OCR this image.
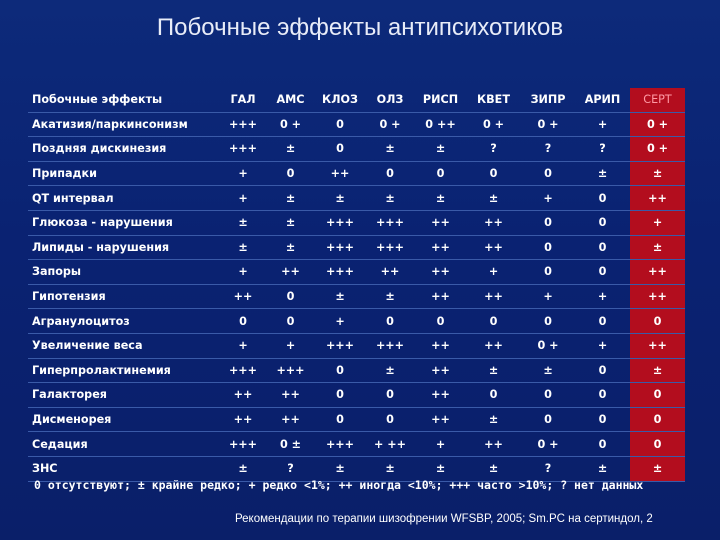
Побочные эффекты антипсихотиков
Побочные эффекты	ГАЛ	АМС	КЛОЗ	ОЛЗ	РИСП	КВЕТ	ЗИПР	АРИП	СЕРТ
Акатизия/паркинсонизм	+++	0 +	0	0 +	0 ++	0 +	0 +	+	0 +
Поздняя дискинезия	+++	±	0	±	±	?	?	?	0 +
Припадки	+	0	++	0	0	0	0	±	±
QT интервал	+	±	±	±	±	±	+	0	++
Глюкоза - нарушения	±	±	+++	+++	++	++	0	0	+
Липиды - нарушения	±	±	+++	+++	++	++	0	0	±
Запоры	+	++	+++	++	++	+	0	0	++
Гипотензия	++	0	±	±	++	++	+	+	++
Агранулоцитоз	0	0	+	0	0	0	0	0	0
Увеличение веса	+	+	+++	+++	++	++	0 +	+	++
Гиперпролактинемия	+++	+++	0	±	++	±	±	0	±
Галакторея	++	++	0	0	++	0	0	0	0
Дисменорея	++	++	0	0	++	±	0	0	0
Седация	+++	0 ±	+++	+ ++	+	++	0 +	0	0
ЗНС	±	?	±	±	±	±	?	±	±
0 отсутствуют; ± крайне редко; + редко <1%; ++ иногда <10%; +++ часто >10%; ? нет данных
Рекомендации по терапии шизофрении WFSBP, 2005; Sm.PC на сертиндол, 2
